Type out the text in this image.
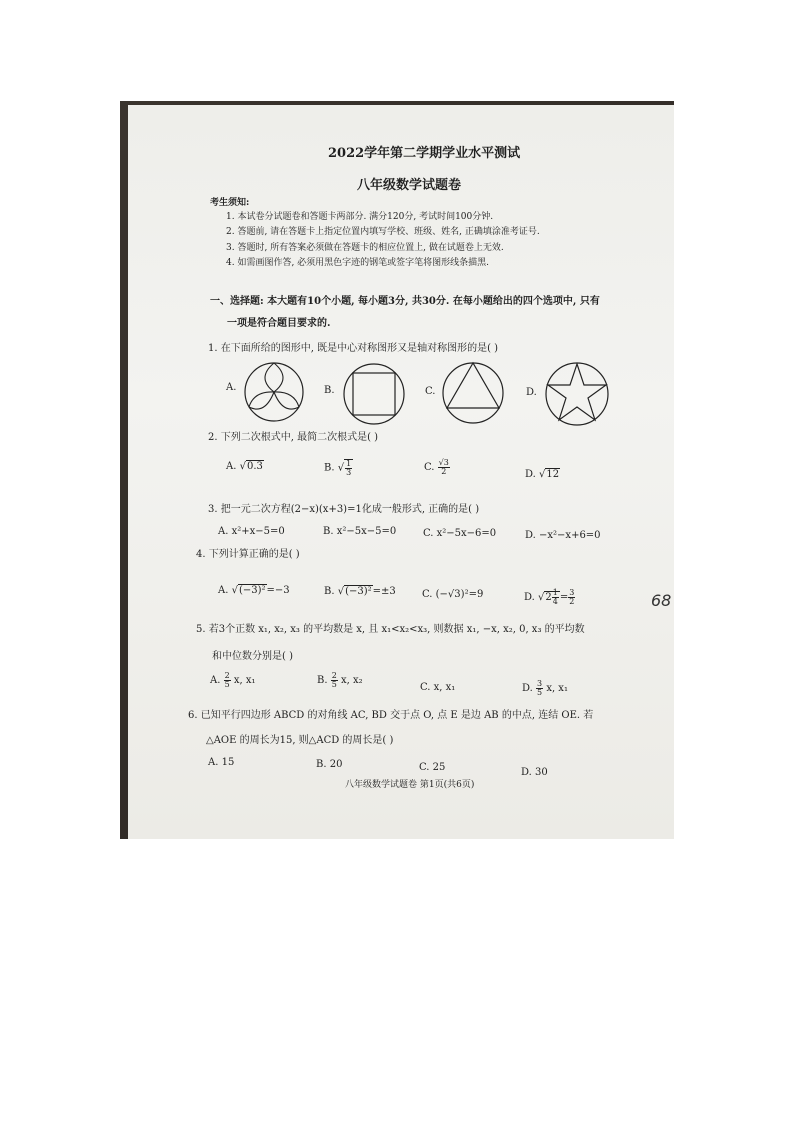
2022学年第二学期学业水平测试
八年级数学试题卷
考生须知:
1. 本试卷分试题卷和答题卡两部分. 满分120分, 考试时间100分钟.
2. 答题前, 请在答题卡上指定位置内填写学校、班级、姓名, 正确填涂准考证号.
3. 答题时, 所有答案必须做在答题卡的相应位置上, 做在试题卷上无效.
4. 如需画图作答, 必须用黑色字迹的钢笔或签字笔将图形线条描黑.
一、选择题: 本大题有10个小题, 每小题3分, 共30分. 在每小题给出的四个选项中, 只有
一项是符合题目要求的.
1. 在下面所给的图形中, 既是中心对称图形又是轴对称图形的是( )
A.	B.	C.	D.
2. 下列二次根式中, 最简二次根式是( )
A. √0.3	B. √ $\frac{1}{3}$	C. $\frac{√3}{2}$	D. √12
3. 把一元二次方程(2−x)(x+3)=1化成一般形式, 正确的是( )
A. x²+x−5=0	B. x²−5x−5=0	C. x²−5x−6=0	D. −x²−x+6=0
4. 下列计算正确的是( )
A. √(−3)²=−3	B. √(−3)²=±3	C. (−√3)²=9	D. $√2 \frac{1}{4} = \frac{3}{2}$	68
5. 若3个正数 x₁, x₂, x₃ 的平均数是 x, 且 x₁<x₂<x₃, 则数据 x₁, −x, x₂, 0, x₃ 的平均数
和中位数分别是( )
A. $\frac{2}{5} x$, x₁	B. $\frac{2}{5} x$, x₂
C. x, x₁	D. $\frac{3}{5} x$, x₁
6. 已知平行四边形 ABCD 的对角线 AC, BD 交于点 O, 点 E 是边 AB 的中点, 连结 OE. 若
△AOE 的周长为15, 则△ACD 的周长是( )
A. 15	B. 20	C. 25	D. 30
八年级数学试题卷 第1页(共6页)
